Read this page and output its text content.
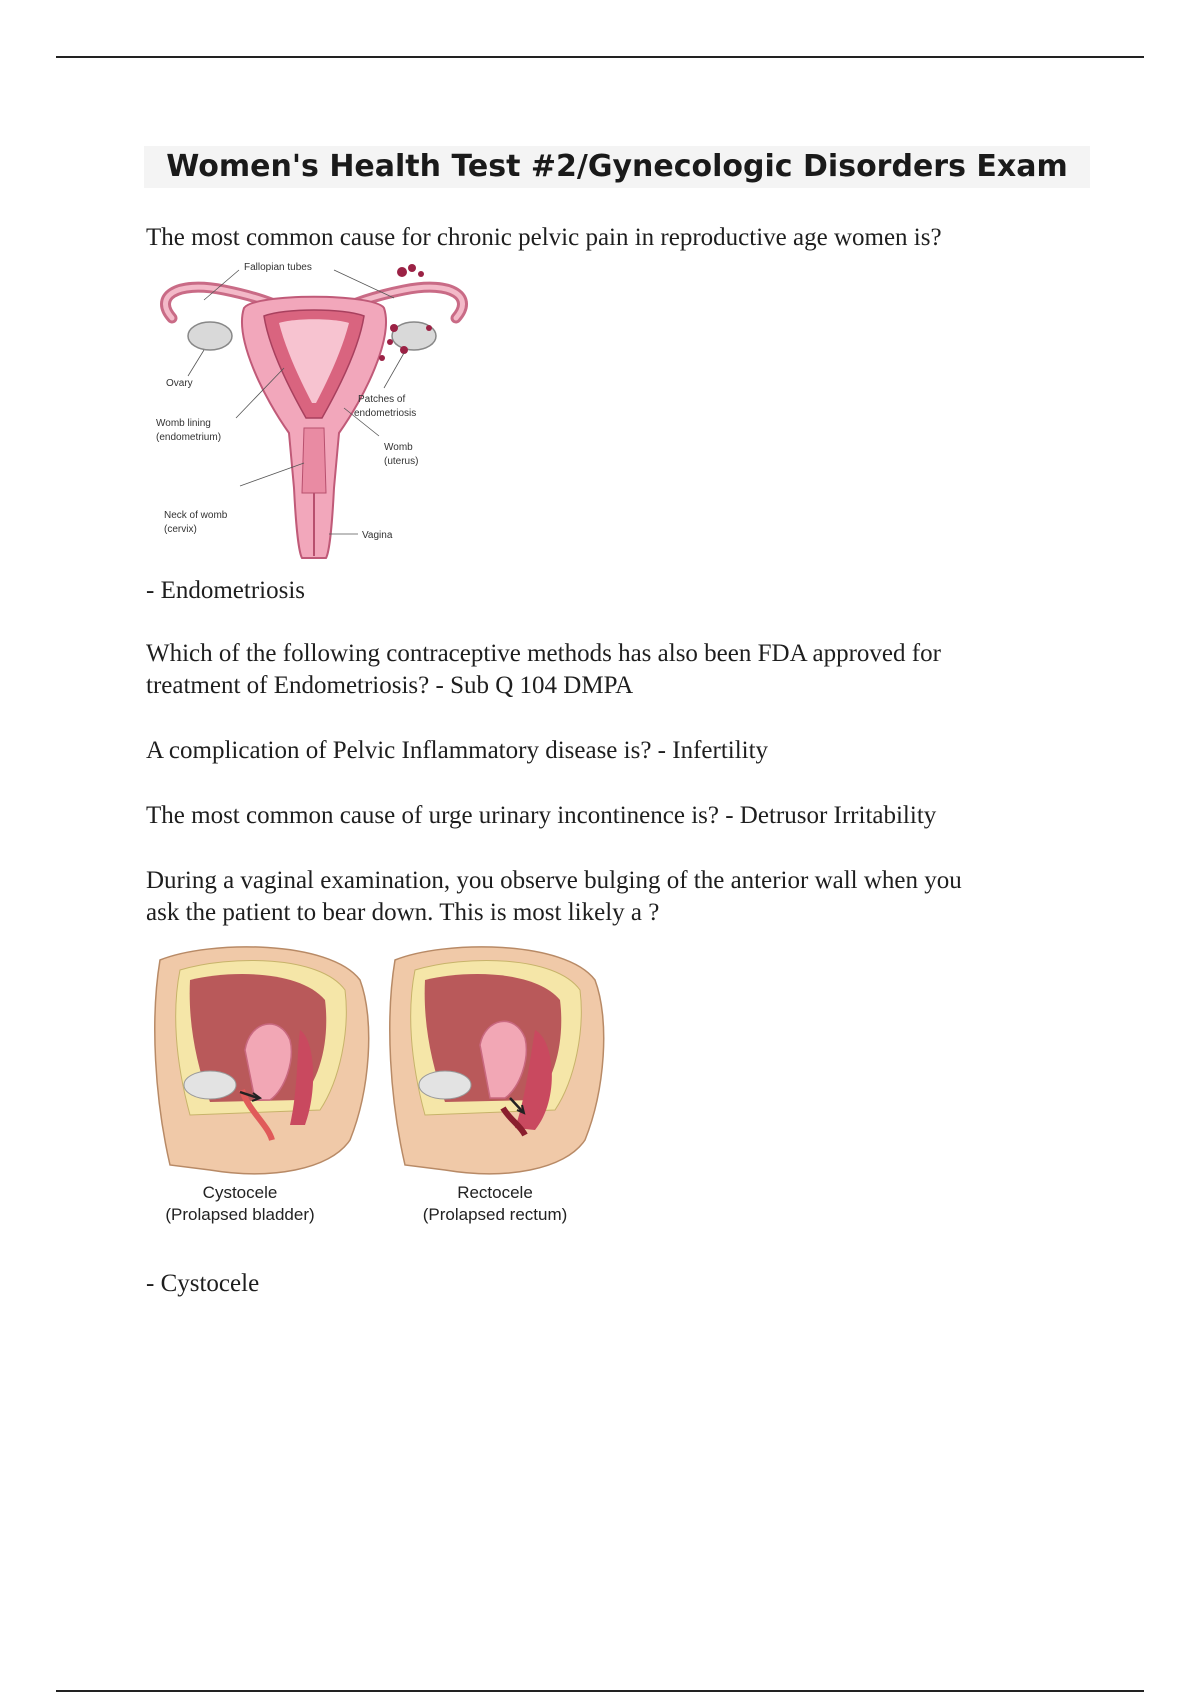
Women's Health Test #2/Gynecologic Disorders Exam
The most common cause for chronic pelvic pain in reproductive age women is?
Fallopian tubes
Ovary
Patches of
endometriosis
Womb lining
(endometrium)
Womb
(uterus)
Neck of womb
(cervix)
Vagina
- Endometriosis
Which of the following contraceptive methods has also been FDA approved for
treatment of Endometriosis? - Sub Q 104 DMPA
A complication of Pelvic Inflammatory disease is? - Infertility
The most common cause of urge urinary incontinence is? - Detrusor Irritability
During a vaginal examination, you observe bulging of the anterior wall when you
ask the patient to bear down. This is most likely a ?
Cystocele
(Prolapsed bladder)
Rectocele
(Prolapsed rectum)
- Cystocele
